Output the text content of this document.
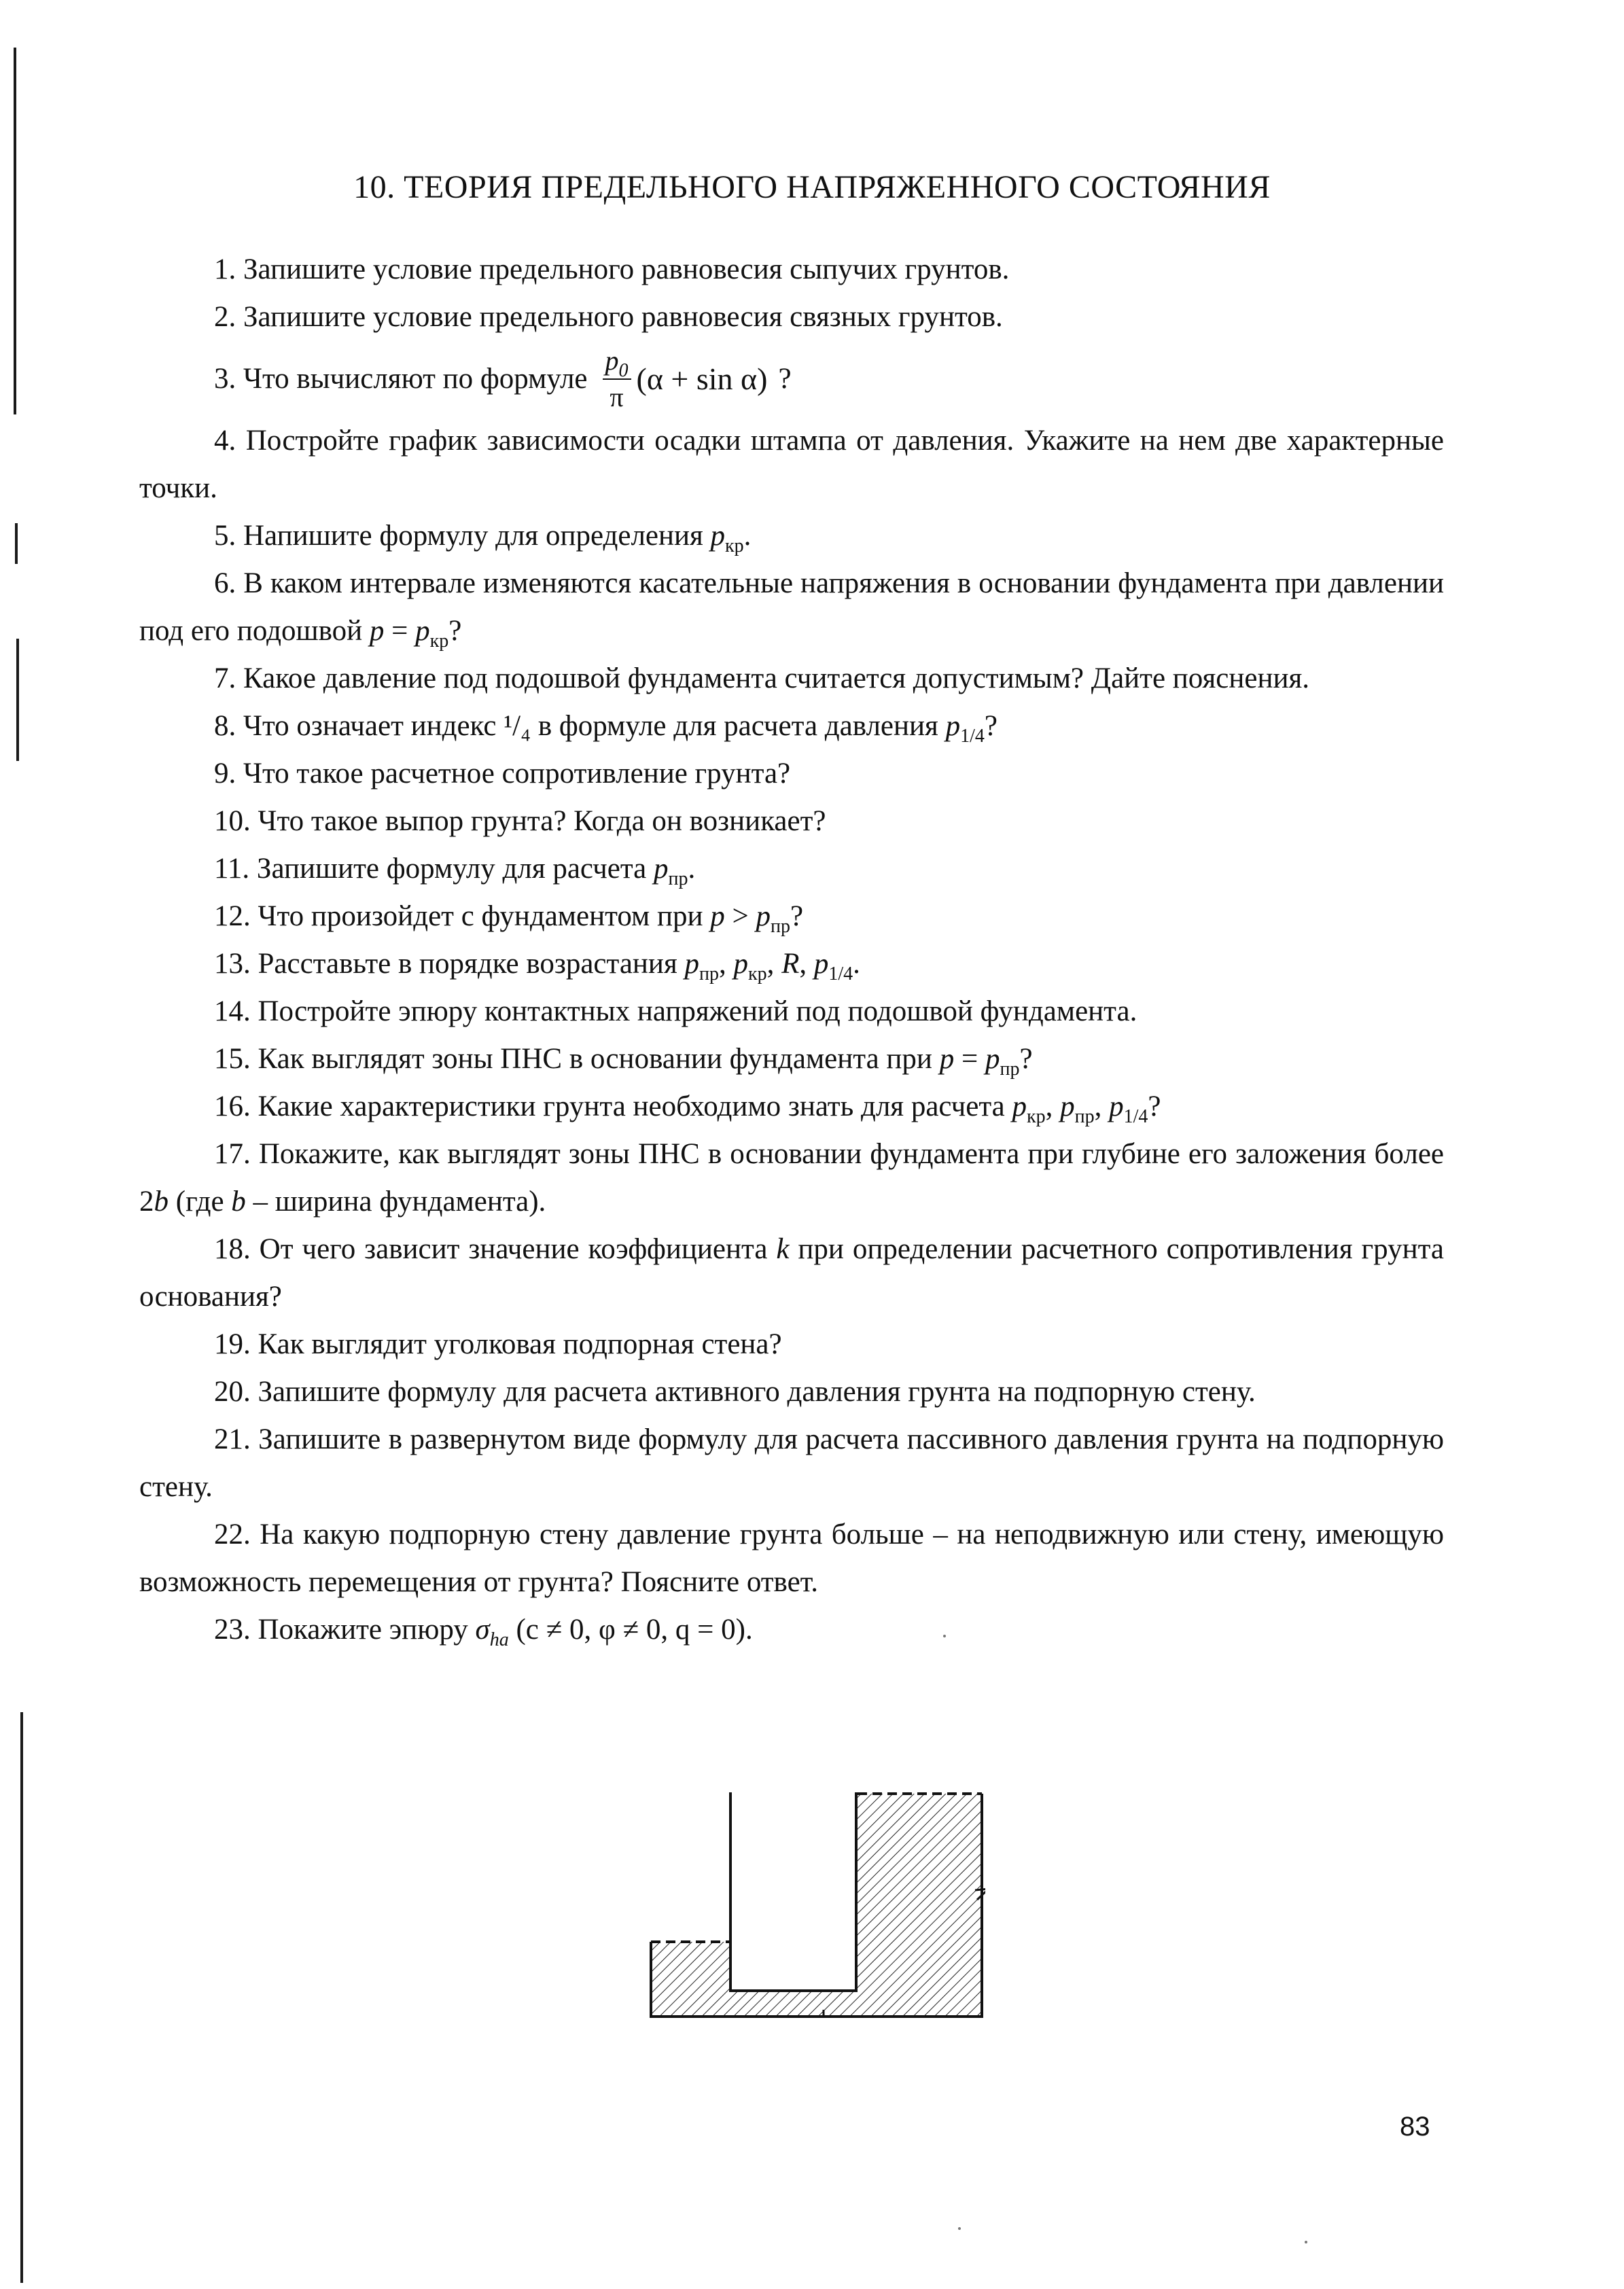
10. ТЕОРИЯ ПРЕДЕЛЬНОГО НАПРЯЖЕННОГО СОСТОЯНИЯ

1. Запишите условие предельного равновесия сыпучих грунтов.

2. Запишите условие предельного равновесия связных грунтов.

3. Что вычисляют по формуле $\frac{p_0}{\pi} (\alpha + \sin \alpha)$ ?

4. Постройте график зависимости осадки штампа от давления. Укажите на нем две характерные точки.

5. Напишите формулу для определения $p_{кр}$.

6. В каком интервале изменяются касательные напряжения в основании фундамента при давлении под его подошвой $p = p_{кр}$?

7. Какое давление под подошвой фундамента считается допустимым? Дайте пояснения.

8. Что означает индекс ¹/₄ в формуле для расчета давления $p_{1/4}$?

9. Что такое расчетное сопротивление грунта?

10. Что такое выпор грунта? Когда он возникает?

11. Запишите формулу для расчета $p_{пр}$.

12. Что произойдет с фундаментом при $p > p_{пр}$?

13. Расставьте в порядке возрастания $p_{пр}$, $p_{кр}$, R, $p_{1/4}$.

14. Постройте эпюру контактных напряжений под подошвой фундамента.

15. Как выглядят зоны ПНС в основании фундамента при $p = p_{пр}$?

16. Какие характеристики грунта необходимо знать для расчета $p_{кр}$, $p_{пр}$, $p_{1/4}$?

17. Покажите, как выглядят зоны ПНС в основании фундамента при глубине его заложения более 2b (где b – ширина фундамента).

18. От чего зависит значение коэффициента k при определении расчетного сопротивления грунта основания?

19. Как выглядит уголковая подпорная стена?

20. Запишите формулу для расчета активного давления грунта на подпорную стену.

21. Запишите в развернутом виде формулу для расчета пассивного давления грунта на подпорную стену.

22. На какую подпорную стену давление грунта больше – на неподвижную или стену, имеющую возможность перемещения от грунта? Поясните ответ.

23. Покажите эпюру $\sigma_{ha}$ (c ≠ 0, φ ≠ 0, q = 0).

83
